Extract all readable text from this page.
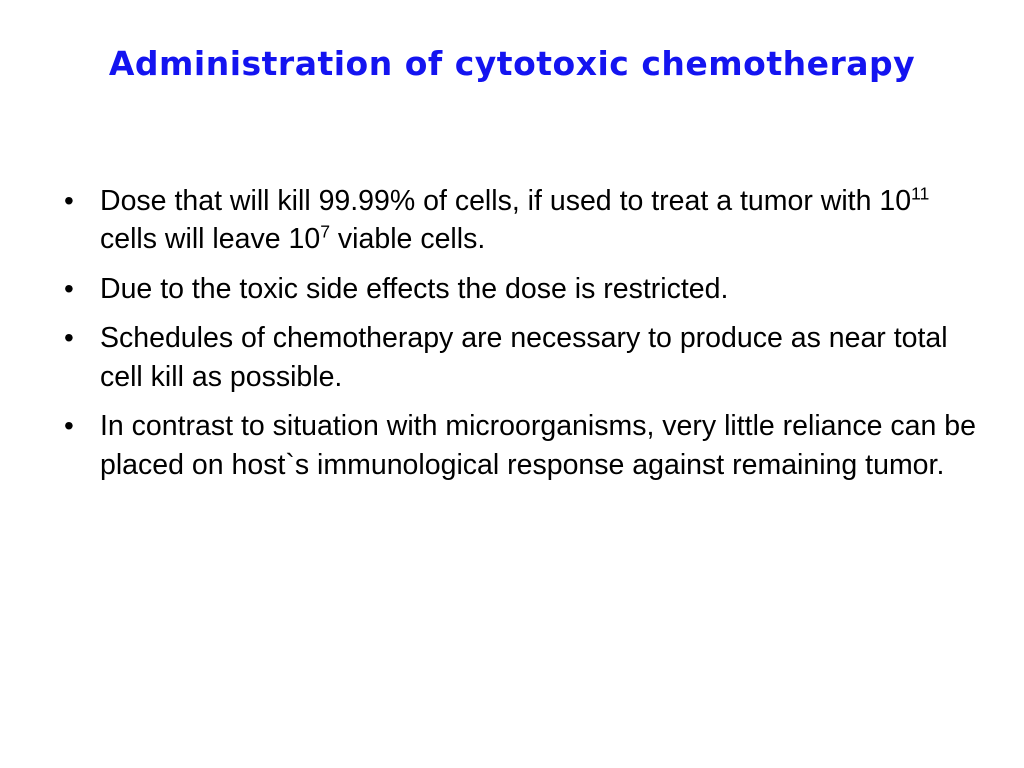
Administration of cytotoxic chemotherapy
• Dose that will kill 99.99% of cells, if used to treat a tumor with $10^{11}$ cells will leave $10^7$ viable cells.
• Due to the toxic side effects the dose is restricted.
• Schedules of chemotherapy are necessary to produce as near total cell kill as possible.
• In contrast to situation with microorganisms, very little reliance can be placed on host`s immunological response against remaining tumor.
